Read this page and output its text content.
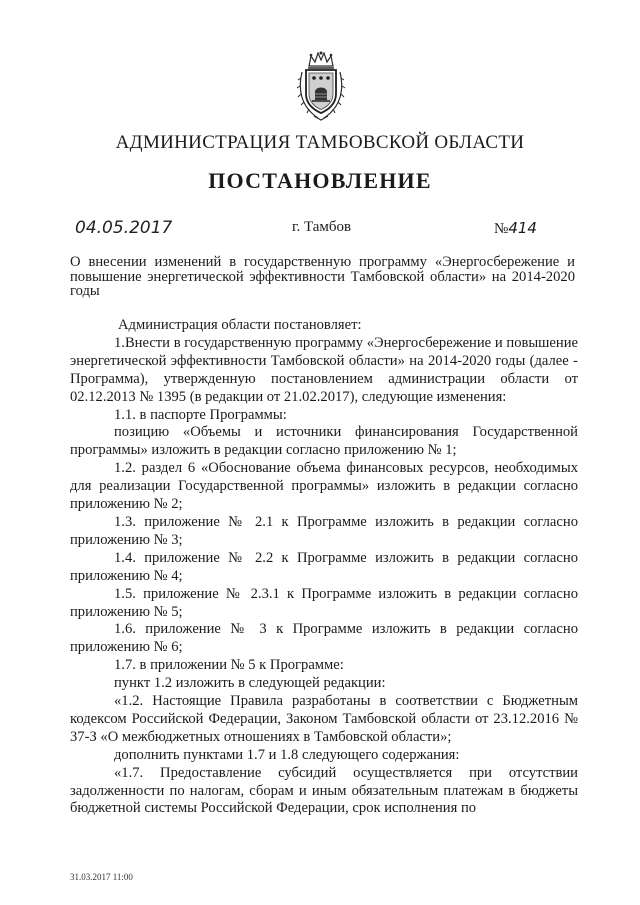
АДМИНИСТРАЦИЯ ТАМБОВСКОЙ ОБЛАСТИ
ПОСТАНОВЛЕНИЕ
04.05.2017	г. Тамбов	№414
О внесении изменений в государственную программу «Энергосбережение и повышение энергетической эффективности Тамбовской области» на 2014-2020 годы

Администрация области постановляет:

1.Внести в государственную программу «Энергосбережение и повышение энергетической эффективности Тамбовской области» на 2014-2020 годы (далее - Программа), утвержденную постановлением администрации области от 02.12.2013 № 1395 (в редакции от 21.02.2017), следующие изменения:

1.1. в паспорте Программы:

позицию «Объемы и источники финансирования Государственной программы» изложить в редакции согласно приложению № 1;

1.2. раздел 6 «Обоснование объема финансовых ресурсов, необходимых для реализации Государственной программы» изложить в редакции согласно приложению № 2;

1.3. приложение № 2.1 к Программе изложить в редакции согласно приложению № 3;

1.4. приложение № 2.2 к Программе изложить в редакции согласно приложению № 4;

1.5. приложение № 2.3.1 к Программе изложить в редакции согласно приложению № 5;

1.6. приложение № 3 к Программе изложить в редакции согласно приложению № 6;

1.7. в приложении № 5 к Программе:

пункт 1.2 изложить в следующей редакции:

«1.2. Настоящие Правила разработаны в соответствии с Бюджетным кодексом Российской Федерации, Законом Тамбовской области от 23.12.2016 № 37-З «О межбюджетных отношениях в Тамбовской области»;

дополнить пунктами 1.7 и 1.8 следующего содержания:

«1.7. Предоставление субсидий осуществляется при отсутствии задолженности по налогам, сборам и иным обязательным платежам в бюджеты бюджетной системы Российской Федерации, срок исполнения по

31.03.2017 11:00
